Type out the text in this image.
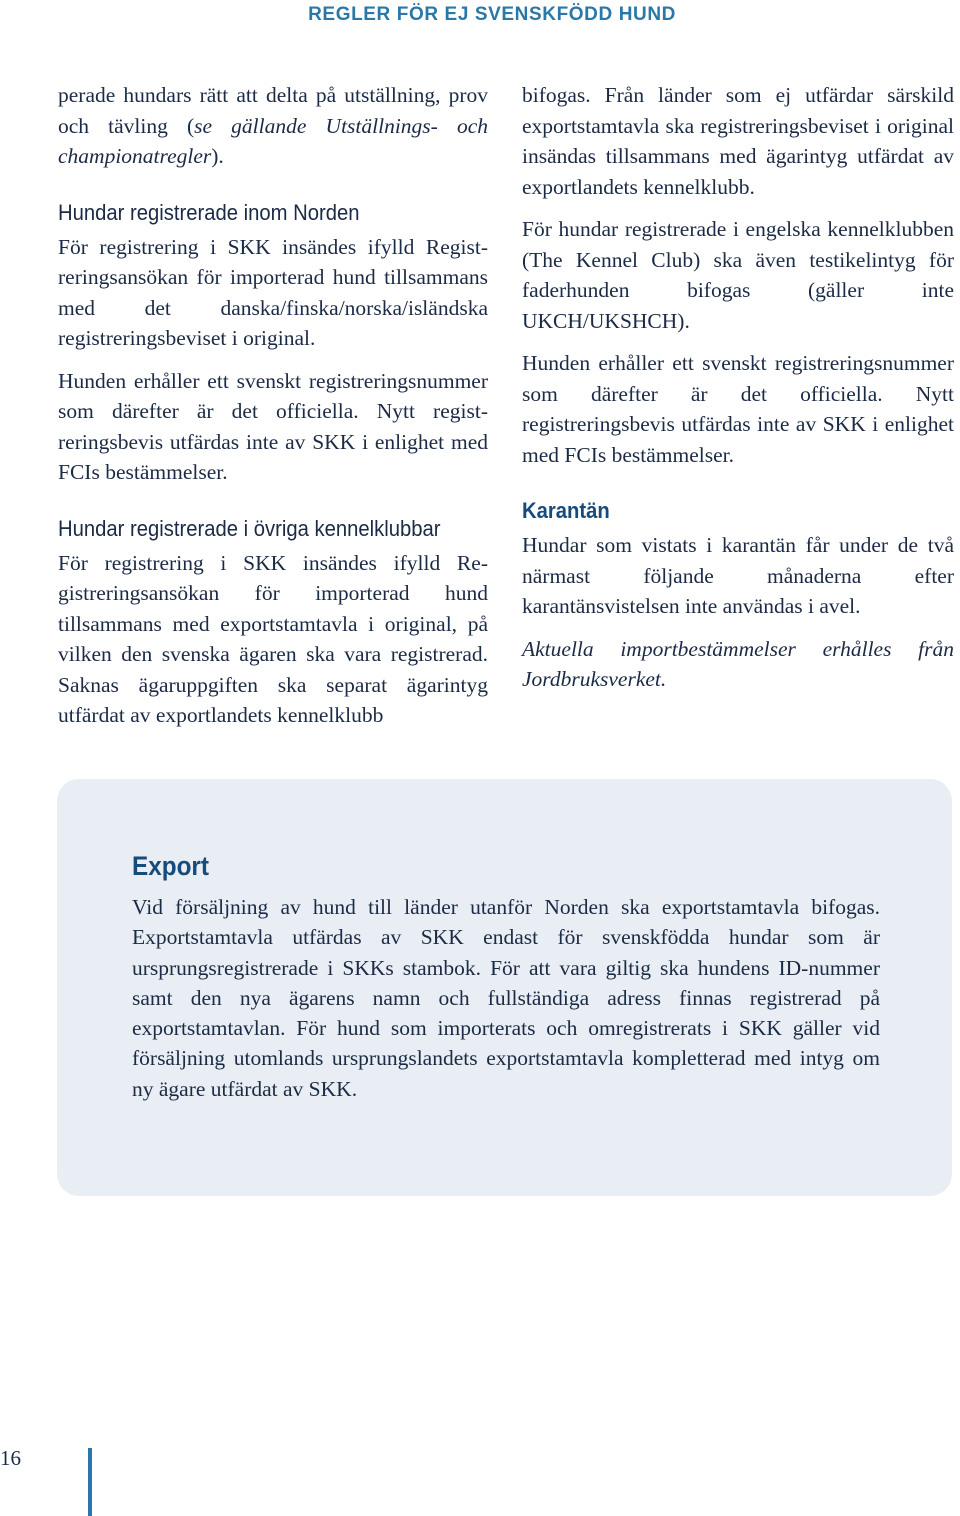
REGLER FÖR EJ SVENSKFÖDD HUND

perade hundars rätt att delta på utställning, prov och tävling (se gällande Utställnings- och championatregler).

Hundar registrerade inom Norden

För registrering i SKK insändes ifylld Registreringsansökan för importerad hund tillsammans med det danska/finska/norska/isländska registreringsbeviset i original.

Hunden erhåller ett svenskt registreringsnummer som därefter är det officiella. Nytt registreringsbevis utfärdas inte av SKK i enlighet med FCIs bestämmelser.

Hundar registrerade i övriga kennelklubbar

För registrering i SKK insändes ifylld Registreringsansökan för importerad hund tillsammans med exportstamtavla i original, på vilken den svenska ägaren ska vara registrerad. Saknas ägaruppgiften ska separat ägarintyg utfärdat av exportlandets kennelklubb

bifogas. Från länder som ej utfärdar särskild exportstamtavla ska registreringsbeviset i original insändas tillsammans med ägarintyg utfärdat av exportlandets kennelklubb.

För hundar registrerade i engelska kennelklubben (The Kennel Club) ska även testikelintyg för faderhunden bifogas (gäller inte UKCH/UKSHCH).

Hunden erhåller ett svenskt registreringsnummer som därefter är det officiella. Nytt registreringsbevis utfärdas inte av SKK i enlighet med FCIs bestämmelser.

Karantän

Hundar som vistats i karantän får under de två närmast följande månaderna efter karantänsvistelsen inte användas i avel.

Aktuella importbestämmelser erhålles från Jordbruksverket.

Export

Vid försäljning av hund till länder utanför Norden ska exportstamtavla bifogas. Exportstamtavla utfärdas av SKK endast för svenskfödda hundar som är ursprungsregistrerade i SKKs stambok. För att vara giltig ska hundens ID-nummer samt den nya ägarens namn och fullständiga adress finnas registrerad på exportstamtavlan. För hund som importerats och omregistrerats i SKK gäller vid försäljning utomlands ursprungslandets exportstamtavla kompletterad med intyg om ny ägare utfärdat av SKK.

16
